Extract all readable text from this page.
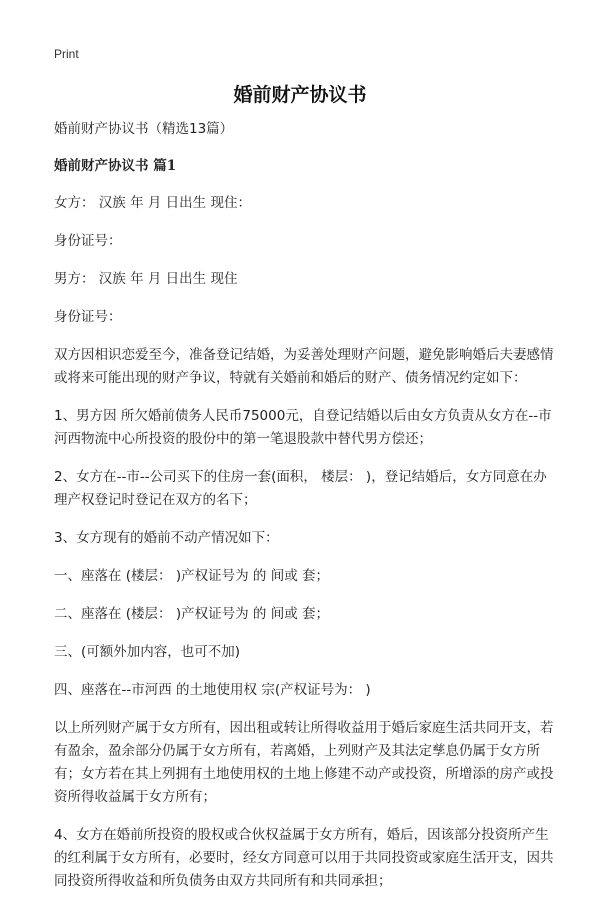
Print
婚前财产协议书

婚前财产协议书（精选13篇）

婚前财产协议书 篇1

女方： 汉族 年 月 日出生 现住：

身份证号：

男方： 汉族 年 月 日出生 现住

身份证号：

双方因相识恋爱至今，准备登记结婚，为妥善处理财产问题，避免影响婚后夫妻感情或将来可能出现的财产争议，特就有关婚前和婚后的财产、债务情况约定如下：

1、男方因 所欠婚前债务人民币75000元，自登记结婚以后由女方负责从女方在--市河西物流中心所投资的股份中的第一笔退股款中替代男方偿还；

2、女方在--市--公司买下的住房一套(面积， 楼层： )，登记结婚后，女方同意在办理产权登记时登记在双方的名下；

3、女方现有的婚前不动产情况如下：

一、座落在 (楼层： )产权证号为 的 间或 套；

二、座落在 (楼层： )产权证号为 的 间或 套；

三、(可额外加内容，也可不加)

四、座落在--市河西 的土地使用权 宗(产权证号为： )

以上所列财产属于女方所有，因出租或转让所得收益用于婚后家庭生活共同开支，若有盈余，盈余部分仍属于女方所有，若离婚，上列财产及其法定孳息仍属于女方所有；女方若在其上列拥有土地使用权的土地上修建不动产或投资，所增添的房产或投资所得收益属于女方所有；

4、女方在婚前所投资的股权或合伙权益属于女方所有，婚后，因该部分投资所产生的红利属于女方所有，必要时，经女方同意可以用于共同投资或家庭生活开支，因共同投资所得收益和所负债务由双方共同所有和共同承担；
